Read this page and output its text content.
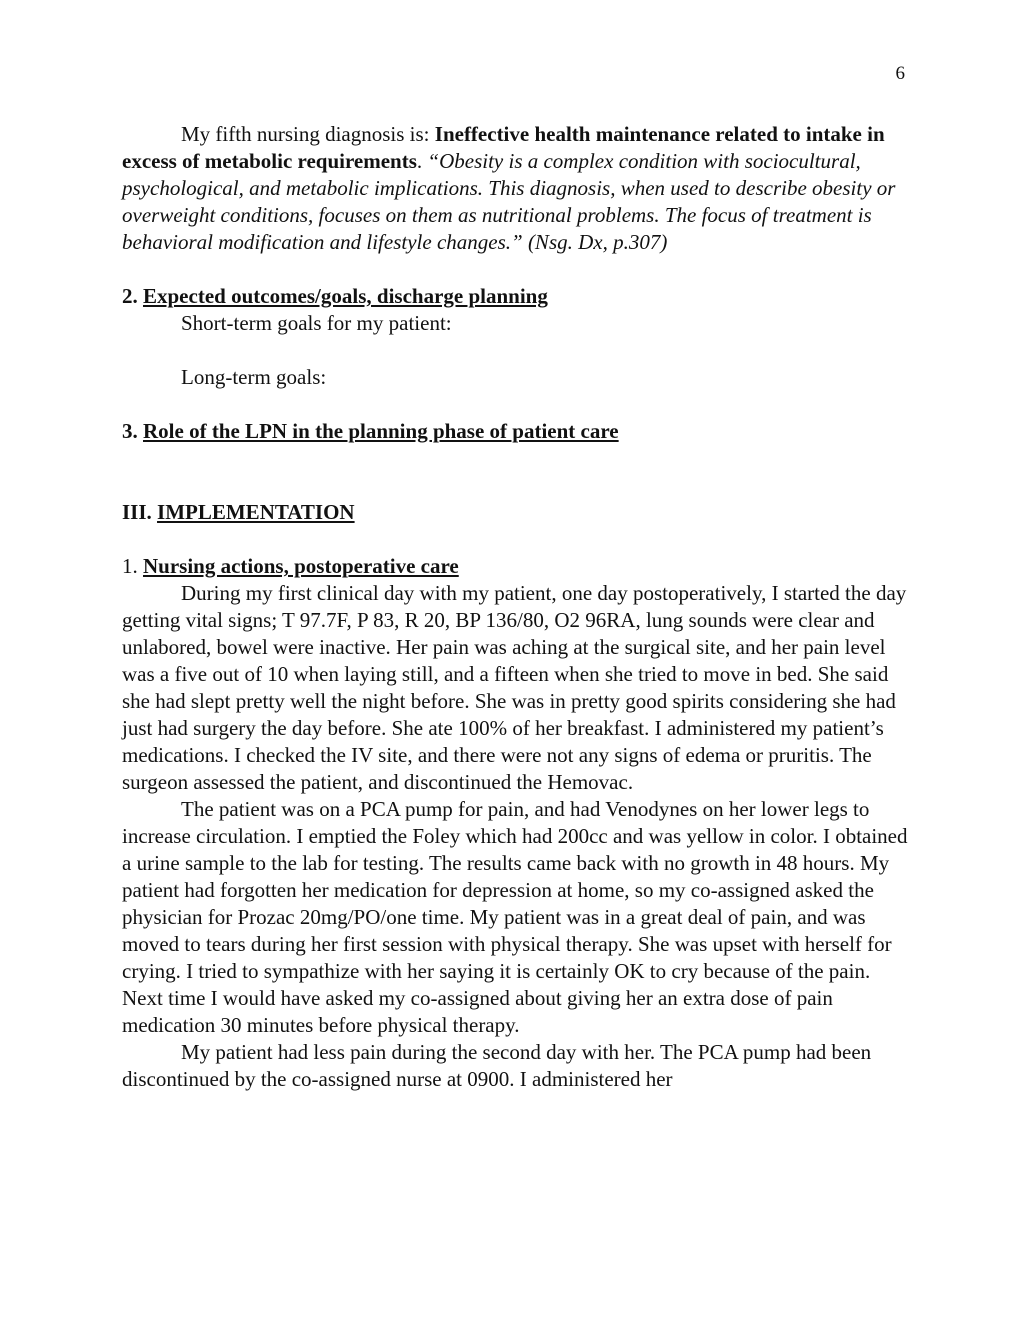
6

My fifth nursing diagnosis is: Ineffective health maintenance related to intake in excess of metabolic requirements. “Obesity is a complex condition with sociocultural, psychological, and metabolic implications. This diagnosis, when used to describe obesity or overweight conditions, focuses on them as nutritional problems. The focus of treatment is behavioral modification and lifestyle changes.” (Nsg. Dx, p.307)

2. Expected outcomes/goals, discharge planning

Short-term goals for my patient:

Long-term goals:

3. Role of the LPN in the planning phase of patient care

III. IMPLEMENTATION

1. Nursing actions, postoperative care

During my first clinical day with my patient, one day postoperatively, I started the day getting vital signs; T 97.7F, P 83, R 20, BP 136/80, O2 96RA, lung sounds were clear and unlabored, bowel were inactive. Her pain was aching at the surgical site, and her pain level was a five out of 10 when laying still, and a fifteen when she tried to move in bed. She said she had slept pretty well the night before. She was in pretty good spirits considering she had just had surgery the day before. She ate 100% of her breakfast. I administered my patient’s medications. I checked the IV site, and there were not any signs of edema or pruritis. The surgeon assessed the patient, and discontinued the Hemovac.

The patient was on a PCA pump for pain, and had Venodynes on her lower legs to increase circulation. I emptied the Foley which had 200cc and was yellow in color. I obtained a urine sample to the lab for testing. The results came back with no growth in 48 hours. My patient had forgotten her medication for depression at home, so my co-assigned asked the physician for Prozac 20mg/PO/one time. My patient was in a great deal of pain, and was moved to tears during her first session with physical therapy. She was upset with herself for crying. I tried to sympathize with her saying it is certainly OK to cry because of the pain. Next time I would have asked my co-assigned about giving her an extra dose of pain medication 30 minutes before physical therapy.

My patient had less pain during the second day with her. The PCA pump had been discontinued by the co-assigned nurse at 0900. I administered her
